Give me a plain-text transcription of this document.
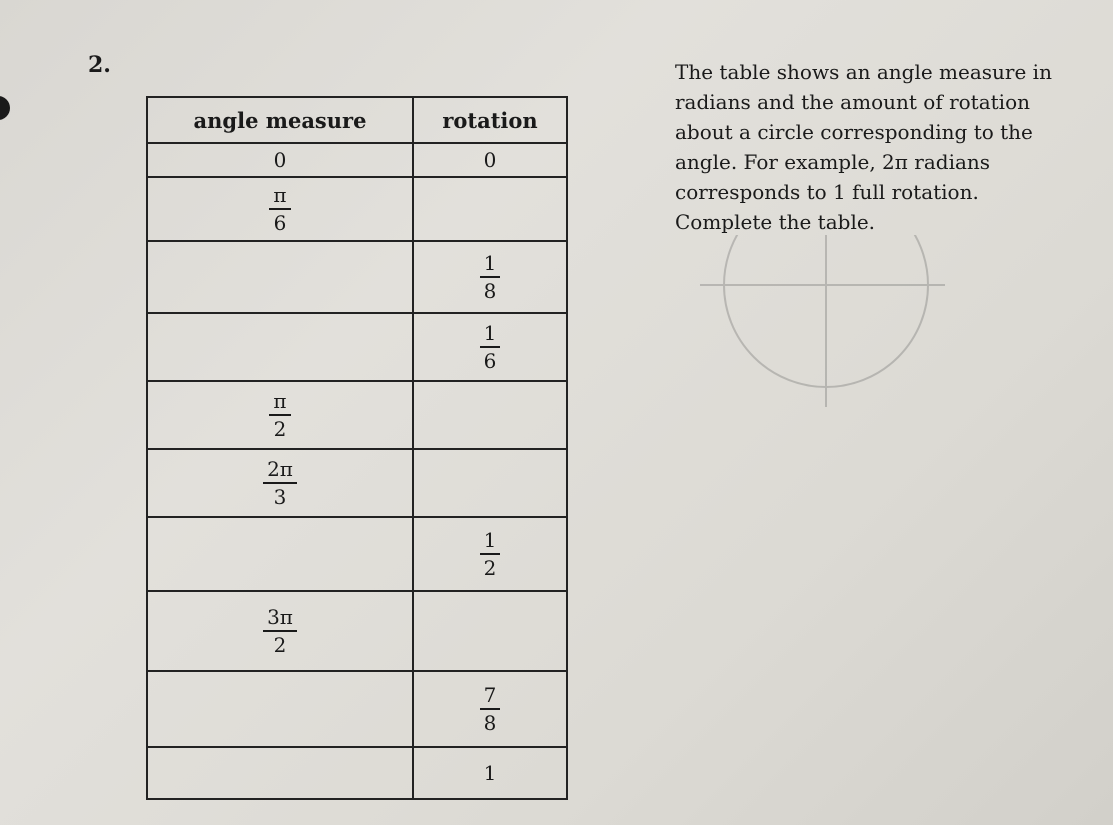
2.	The table shows an angle measure in

radians and the amount of rotation

about a circle corresponding to the

angle. For example, 2π radians

corresponds to 1 full rotation.

Complete the table.

angle measure	rotation
0	0

$\frac{\pi}{6}$

	$\frac{1}{8}$

	$\frac{1}{6}$

$\frac{\pi}{2}$

$\frac{2\pi}{3}$

	$\frac{1}{2}$

$\frac{3\pi}{2}$

	$\frac{7}{8}$

	1
